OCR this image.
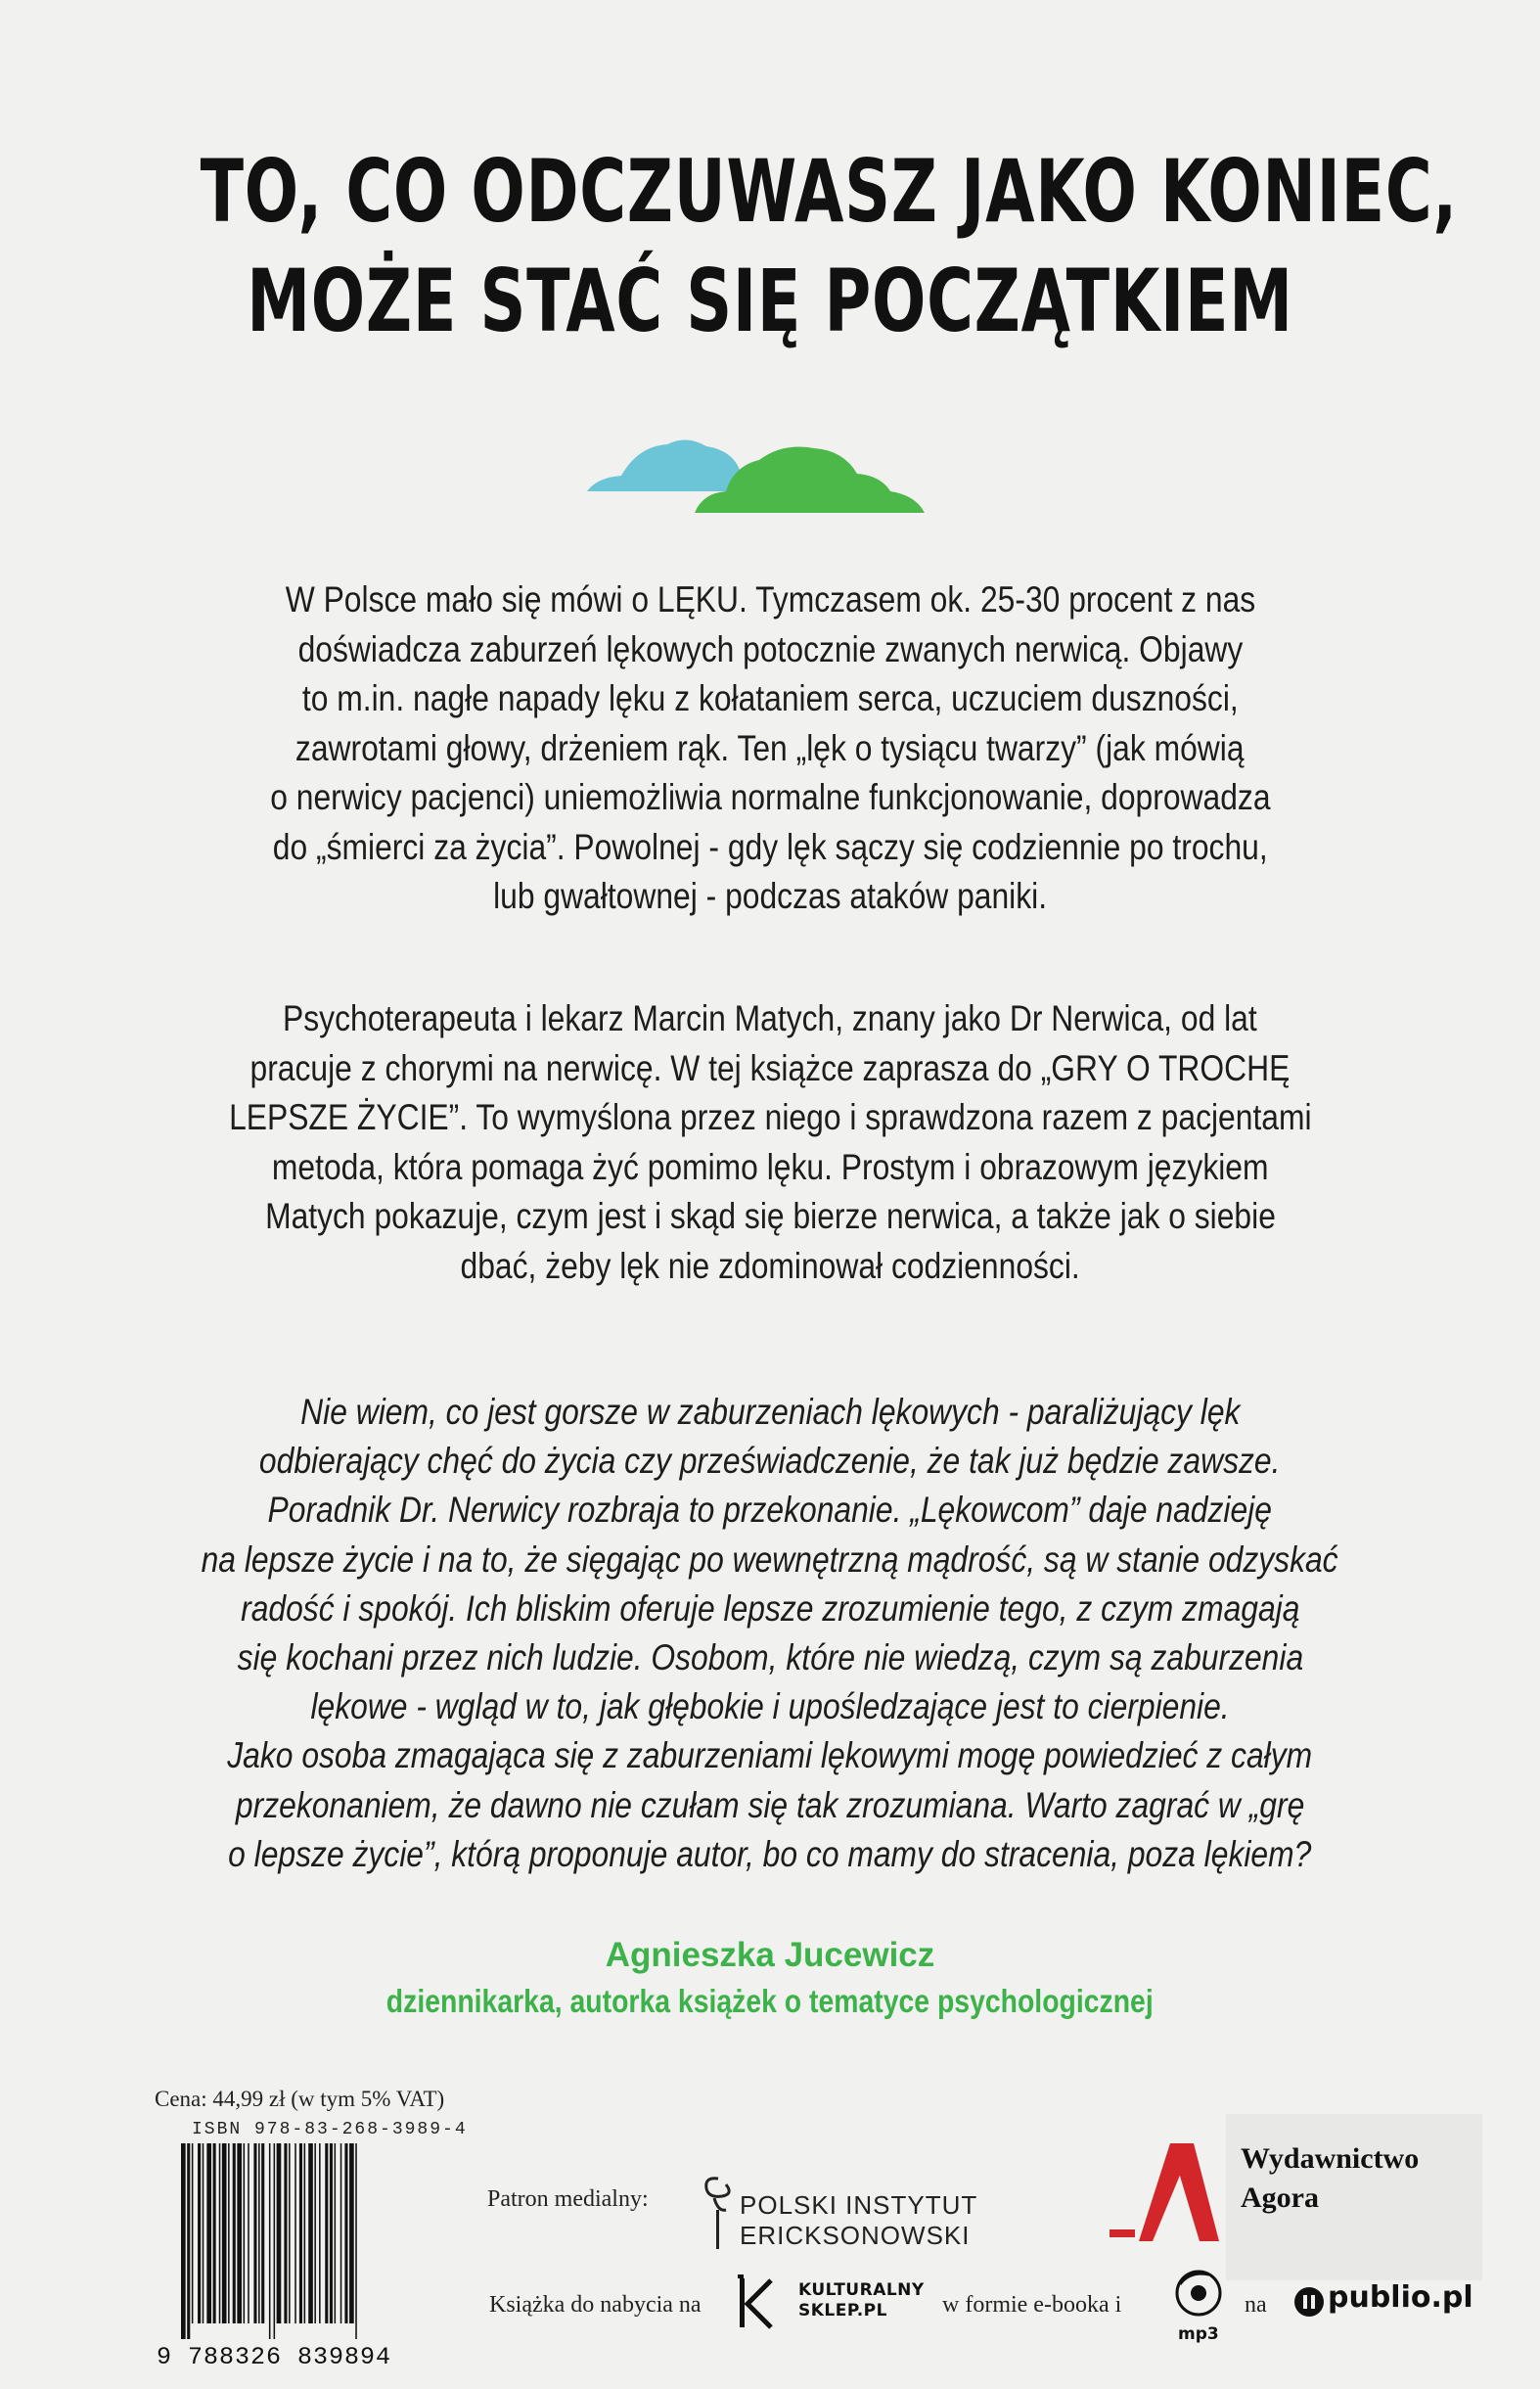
TO, CO ODCZUWASZ JAKO KONIEC,
MOŻE STAĆ SIĘ POCZĄTKIEM
W Polsce mało się mówi o LĘKU. Tymczasem ok. 25-30 procent z nas
doświadcza zaburzeń lękowych potocznie zwanych nerwicą. Objawy
to m.in. nagłe napady lęku z kołataniem serca, uczuciem duszności,
zawrotami głowy, drżeniem rąk. Ten „lęk o tysiącu twarzy” (jak mówią
o nerwicy pacjenci) uniemożliwia normalne funkcjonowanie, doprowadza
do „śmierci za życia”. Powolnej - gdy lęk sączy się codziennie po trochu,
lub gwałtownej - podczas ataków paniki.
Psychoterapeuta i lekarz Marcin Matych, znany jako Dr Nerwica, od lat
pracuje z chorymi na nerwicę. W tej książce zaprasza do „GRY O TROCHĘ
LEPSZE ŻYCIE”. To wymyślona przez niego i sprawdzona razem z pacjentami
metoda, która pomaga żyć pomimo lęku. Prostym i obrazowym językiem
Matych pokazuje, czym jest i skąd się bierze nerwica, a także jak o siebie
dbać, żeby lęk nie zdominował codzienności.
Nie wiem, co jest gorsze w zaburzeniach lękowych - paraliżujący lęk
odbierający chęć do życia czy przeświadczenie, że tak już będzie zawsze.
Poradnik Dr. Nerwicy rozbraja to przekonanie. „Lękowcom” daje nadzieję
na lepsze życie i na to, że sięgając po wewnętrzną mądrość, są w stanie odzyskać
radość i spokój. Ich bliskim oferuje lepsze zrozumienie tego, z czym zmagają
się kochani przez nich ludzie. Osobom, które nie wiedzą, czym są zaburzenia
lękowe - wgląd w to, jak głębokie i upośledzające jest to cierpienie.
Jako osoba zmagająca się z zaburzeniami lękowymi mogę powiedzieć z całym
przekonaniem, że dawno nie czułam się tak zrozumiana. Warto zagrać w „grę
o lepsze życie”, którą proponuje autor, bo co mamy do stracenia, poza lękiem?
Agnieszka Jucewicz
dziennikarka, autorka książek o tematyce psychologicznej
Cena: 44,99 zł (w tym 5% VAT)
ISBN 978-83-268-3989-4
9 788326 839894
Patron medialny:	POLSKI INSTYTUT
ERICKSONOWSKI
Wydawnictwo
Agora
Książka do nabycia na
KULTURALNY
SKLEP.PL	w formie e-booka i
mp3
na publio.pl
